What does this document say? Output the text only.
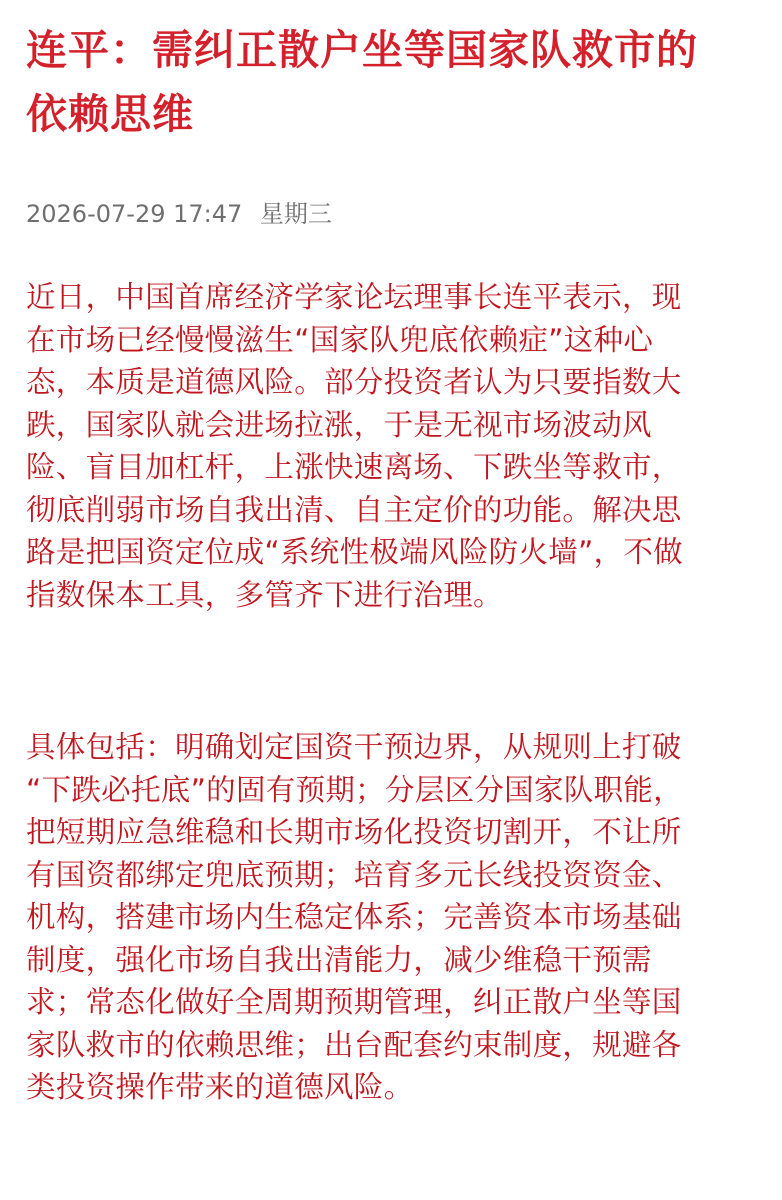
连平：需纠正散户坐等国家队救市的
依赖思维
2026-07-29 17:47 星期三

近日，中国首席经济学家论坛理事长连平表示，现
在市场已经慢慢滋生“国家队兜底依赖症”这种心
态，本质是道德风险。部分投资者认为只要指数大
跌，国家队就会进场拉涨，于是无视市场波动风
险、盲目加杠杆，上涨快速离场、下跌坐等救市，
彻底削弱市场自我出清、自主定价的功能。解决思
路是把国资定位成“系统性极端风险防火墙”，不做
指数保本工具，多管齐下进行治理。

具体包括：明确划定国资干预边界，从规则上打破
“下跌必托底”的固有预期；分层区分国家队职能，
把短期应急维稳和长期市场化投资切割开，不让所
有国资都绑定兜底预期；培育多元长线投资资金、
机构，搭建市场内生稳定体系；完善资本市场基础
制度，强化市场自我出清能力，减少维稳干预需
求；常态化做好全周期预期管理，纠正散户坐等国
家队救市的依赖思维；出台配套约束制度，规避各
类投资操作带来的道德风险。
